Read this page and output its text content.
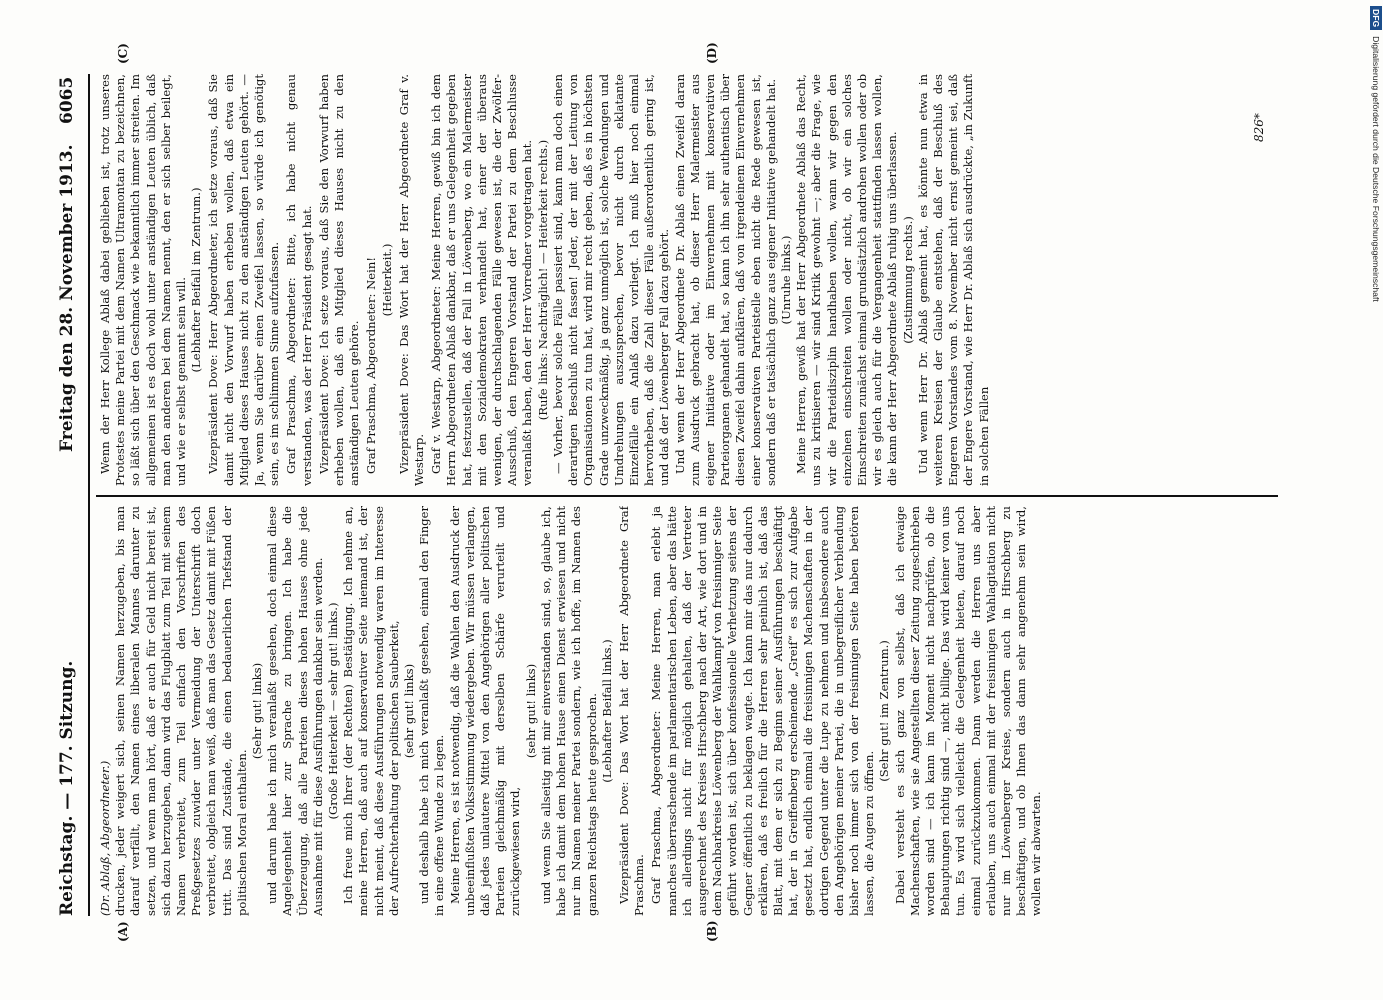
Reichstag. — 177. Sitzung.
Freitag den 28. November 1913.
6065
(A)	(B)
(C)	(D)

(Dr. Ablaß, Abgeordneter.) drucken, jeder weigert sich, seinen Namen herzugeben, bis man darauf verfällt, den Namen eines liberalen Mannes darunter zu setzen, und wenn man hört, daß er auch für Geld nicht bereit ist, sich dazu herzugeben, dann wird das Flugblatt zum Teil mit seinem Namen verbreitet, zum Teil einfach den Vorschriften des Preßgesetzes zuwider unter Vermeidung der Unterschrift doch verbreitet, obgleich man weiß, daß man das Gesetz damit mit Füßen tritt. Das sind Zustände, die einen bedauerlichen Tiefstand der politischen Moral enthalten.

(Sehr gut! links) und darum habe ich mich veranlaßt gesehen, doch einmal diese Angelegenheit hier zur Sprache zu bringen. Ich habe die Überzeugung, daß alle Parteien dieses hohen Hauses ohne jede Ausnahme mit für diese Ausführungen dankbar sein werden. (Große Heiterkeit — sehr gut! links.) Ich freue mich Ihrer (der Rechten) Bestätigung. Ich nehme an, meine Herren, daß auch auf konservativer Seite niemand ist, der nicht meint, daß diese Ausführungen notwendig waren im Interesse der Aufrechterhaltung der politischen Sauberkeit, (sehr gut! links) und deshalb habe ich mich veranlaßt gesehen, einmal den Finger in eine offene Wunde zu legen. Meine Herren, es ist notwendig, daß die Wahlen den Ausdruck der unbeeinflußten Volksstimmung wiedergeben. Wir müssen verlangen, daß jedes unlautere Mittel von den Angehörigen aller politischen Parteien gleichmäßig mit derselben Schärfe verurteilt und zurückgewiesen wird,

(sehr gut! links) und wenn Sie allseitig mit mir einverstanden sind, so, glaube ich, habe ich damit dem hohen Hause einen Dienst erwiesen und nicht nur im Namen meiner Partei sondern, wie ich hoffe, im Namen des ganzen Reichstags heute gesprochen. (Lebhafter Beifall links.) Vizepräsident Dove: Das Wort hat der Herr Abgeordnete Graf Praschma. Graf Praschma, Abgeordneter: Meine Herren, man erlebt ja manches überraschende im parlamentarischen Leben, aber das hätte ich allerdings nicht für möglich gehalten, daß der Vertreter ausgerechnet des Kreises Hirschberg nach der Art, wie dort und in dem Nachbarkreise Löwenberg der Wahlkampf von freisinniger Seite geführt worden ist, sich über konfessionelle Verhetzung seitens der Gegner öffentlich zu beklagen wagte. Ich kann mir das nur dadurch erklären, daß es freilich für die Herren sehr peinlich ist, daß das Blatt, mit dem er sich zu Beginn seiner Ausführungen beschäftigt hat, der in Greiffenberg erscheinende „Greif“ es sich zur Aufgabe gesetzt hat, endlich einmal die freisinnigen Machenschaften in der dortigen Gegend unter die Lupe zu nehmen und insbesondere auch den Angehörigen meiner Partei, die in unbegreiflicher Verblendung bisher noch immer sich von der freisinnigen Seite haben betören lassen, die Augen zu öffnen.

(Sehr gut! im Zentrum.) Dabei versteht es sich ganz von selbst, daß ich etwaige Machenschaften, wie sie Angestellten dieser Zeitung zugeschrieben worden sind — ich kann im Moment nicht nachprüfen, ob die Behauptungen richtig sind —, nicht billige. Das wird keiner von uns tun. Es wird sich vielleicht die Gelegenheit bieten, darauf noch einmal zurückzukommen. Dann werden die Herren uns aber erlauben, uns auch einmal mit der freisinnigen Wahlagitation nicht nur im Löwenberger Kreise, sondern auch in Hirschberg zu beschäftigen, und ob Ihnen das dann sehr angenehm sein wird, wollen wir abwarten.

Wenn der Herr Kollege Ablaß dabei geblieben ist, trotz unseres Protestes meine Partei mit dem Namen Ultramontan zu bezeichnen, so läßt sich über den Geschmack wie bekanntlich immer streiten. Im allgemeinen ist es doch wohl unter anständigen Leuten üblich, daß man den anderen bei dem Namen nennt, den er sich selber beilegt, und wie er selbst genannt sein will. (Lebhafter Beifall im Zentrum.) Vizepräsident Dove: Herr Abgeordneter, ich setze voraus, daß Sie damit nicht den Vorwurf haben erheben wollen, daß etwa ein Mitglied dieses Hauses nicht zu den anständigen Leuten gehört. — Ja, wenn Sie darüber einen Zweifel lassen, so würde ich genötigt sein, es im schlimmen Sinne aufzufassen. Graf Praschma, Abgeordneter: Bitte, ich habe nicht genau verstanden, was der Herr Präsident gesagt hat. Vizepräsident Dove: Ich setze voraus, daß Sie den Vorwurf haben erheben wollen, daß ein Mitglied dieses Hauses nicht zu den anständigen Leuten gehöre. Graf Praschma, Abgeordneter: Nein! (Heiterkeit.) Vizepräsident Dove: Das Wort hat der Herr Abgeordnete Graf v. Westarp. Graf v. Westarp, Abgeordneter: Meine Herren, gewiß bin ich dem Herrn Abgeordneten Ablaß dankbar, daß er uns Gelegenheit gegeben hat, festzustellen, daß der Fall in Löwenberg, wo ein Malermeister mit den Sozialdemokraten verhandelt hat, einer der überaus wenigen, der durchschlagenden Fälle gewesen ist, die der Zwölfer-Ausschuß, den Engeren Vorstand der Partei zu dem Beschlusse veranlaßt haben, den der Herr Vorredner vorgetragen hat. (Rufe links: Nachträglich! — Heiterkeit rechts.) — Vorher, bevor solche Fälle passiert sind, kann man doch einen derartigen Beschluß nicht fassen! Jeder, der mit der Leitung von Organisationen zu tun hat, wird mir recht geben, daß es in höchsten Grade unzweckmäßig, ja ganz unmöglich ist, solche Wendungen und Umdrehungen auszusprechen, bevor nicht durch eklatante Einzelfälle ein Anlaß dazu vorliegt. Ich muß hier noch einmal hervorheben, daß die Zahl dieser Fälle außerordentlich gering ist, und daß der Löwenberger Fall dazu gehört. Und wenn der Herr Abgeordnete Dr. Ablaß einen Zweifel daran zum Ausdruck gebracht hat, ob dieser Herr Malermeister aus eigener Initiative oder im Einvernehmen mit konservativen Parteiorganen gehandelt hat, so kann ich ihn sehr authentisch über diesen Zweifel dahin aufklären, daß von irgendeinem Einvernehmen einer konservativen Parteistelle eben nicht die Rede gewesen ist, sondern daß er tatsächlich ganz aus eigener Initiative gehandelt hat. (Unruhe links.) Meine Herren, gewiß hat der Herr Abgeordnete Ablaß das Recht, uns zu kritisieren — wir sind Kritik gewohnt —; aber die Frage, wie wir die Parteidisziplin handhaben wollen, wann wir gegen den einzelnen einschreiten wollen oder nicht, ob wir ein solches Einschreiten zunächst einmal grundsätzlich androhen wollen oder ob wir es gleich auch für die Vergangenheit stattfinden lassen wollen, die kann der Herr Abgeordnete Ablaß ruhig uns überlassen. (Zustimmung rechts.) Und wenn Herr Dr. Ablaß gemeint hat, es könnte nun etwa in weiteren Kreisen der Glaube entstehen, daß der Beschluß des Engeren Vorstandes vom 8. November nicht ernst gemeint sei, daß der Engere Vorstand, wie Herr Dr. Ablaß sich ausdrückte, „in Zukunft in solchen Fällen

826*
DFGDigitalisierung gefördert durch die Deutsche Forschungsgemeinschaft
